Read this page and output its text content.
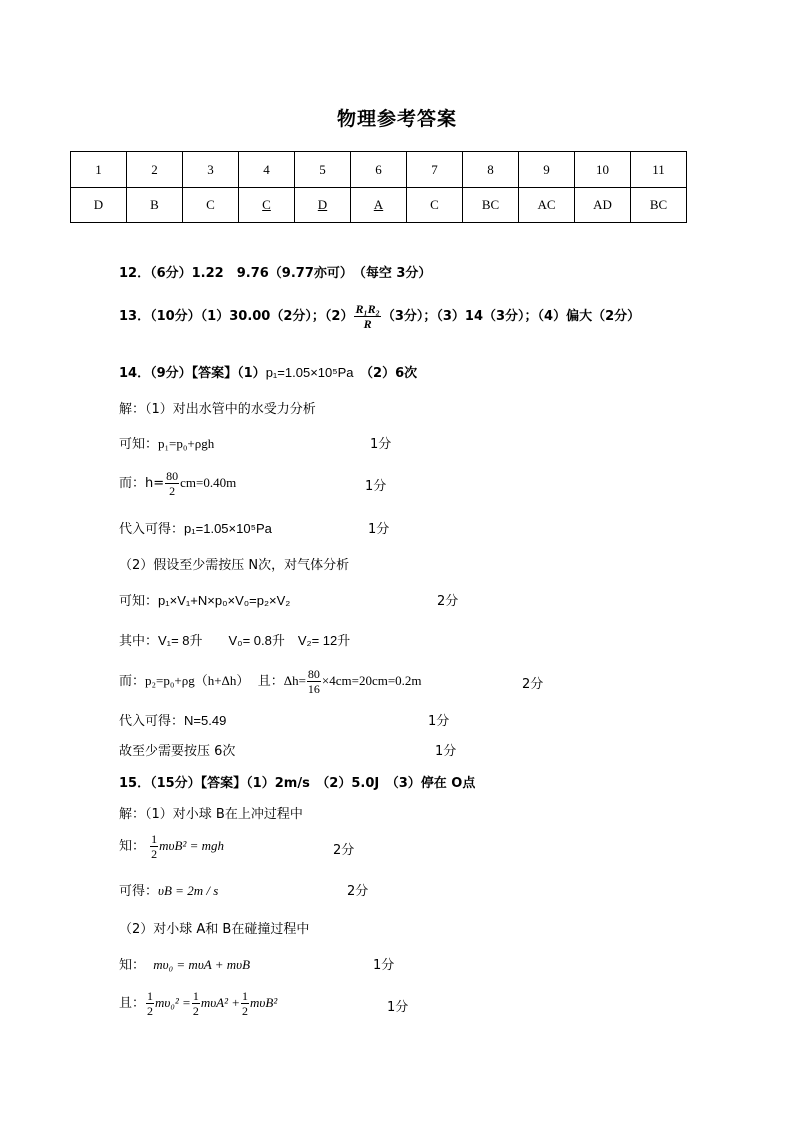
物理参考答案
1	2	3	4	5	6	7	8	9	10	11
D	B	C	C	D	A	C	BC	AC	AD	BC
12．（6分）1.22　9.76（9.77亦可）　（每空 3分）
13．（10分）（1）30.00（2分）；$(2) \frac{\text{R₁R₂}}{R} (3$分）；（3）14（3分）；（4）偏大（2分）
14．（9分）【答案】（1）p₁=1.05×10⁵Pa　（2）6次
解：（1）对出水管中的水受力分析
可知：p₁=p₀+ρgh	1分
而：$h= \frac{80}{2} cm=0.40m$	1分
代入可得：p₁=1.05×10⁵Pa	1分
（2）假设至少需按压 N次，对气体分析
可知：p₁×V₁+N×p₀×V₀=p₂×V₂	2分
其中：V₁= 8升　　V₀= 0.8升　V₂= 12升
而：p₂=p₀+ρg（h+Δh） 且：$\Delta h= \frac{80}{16} \times 4cm=20cm=0.2m$	2分
代入可得：N=5.49	1分
故至少需要按压 6次	1分
15．（15分）【答案】（1）2m/s　（2）5.0J　（3）停在 O点
解：（1）对小球 B在上冲过程中
知： $\frac{1}{2} m\upsilon B^2$ = mgh	2分
可得：υB = 2m / s	2分
（2）对小球 A和 B在碰撞过程中
知： mυ₀ = mυA + mυB	1分
且： $\frac{1}{2} m\upsilon_0^2 = \frac{1}{2} m\upsilon A^2 + \frac{1}{2} m\upsilon B^2$	1分
